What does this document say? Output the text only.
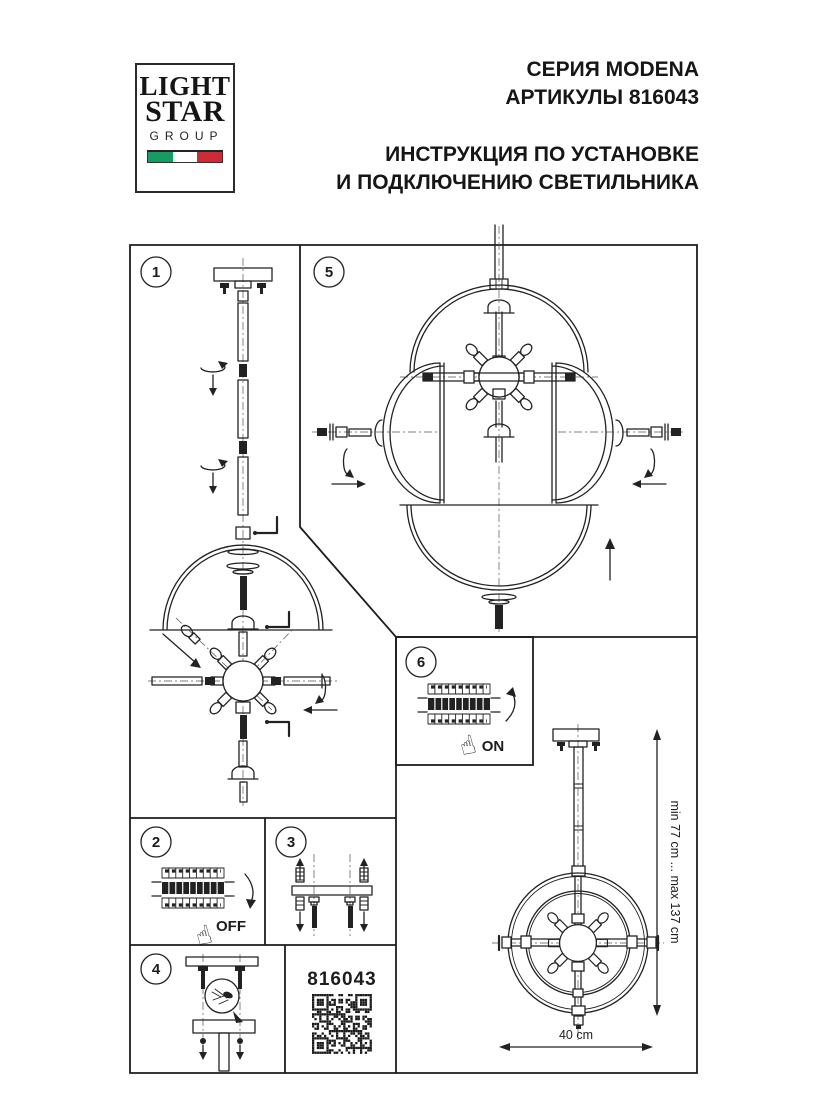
LIGHT
STAR
GROUP
СЕРИЯ MODENA
АРТИКУЛЫ 816043
ИНСТРУКЦИЯ ПО УСТАНОВКЕ
И ПОДКЛЮЧЕНИЮ СВЕТИЛЬНИКА
1	5
6
☝ ON
2
☝ OFF
3
4	816043
min 77 cm ... max 137 cm
40 cm
